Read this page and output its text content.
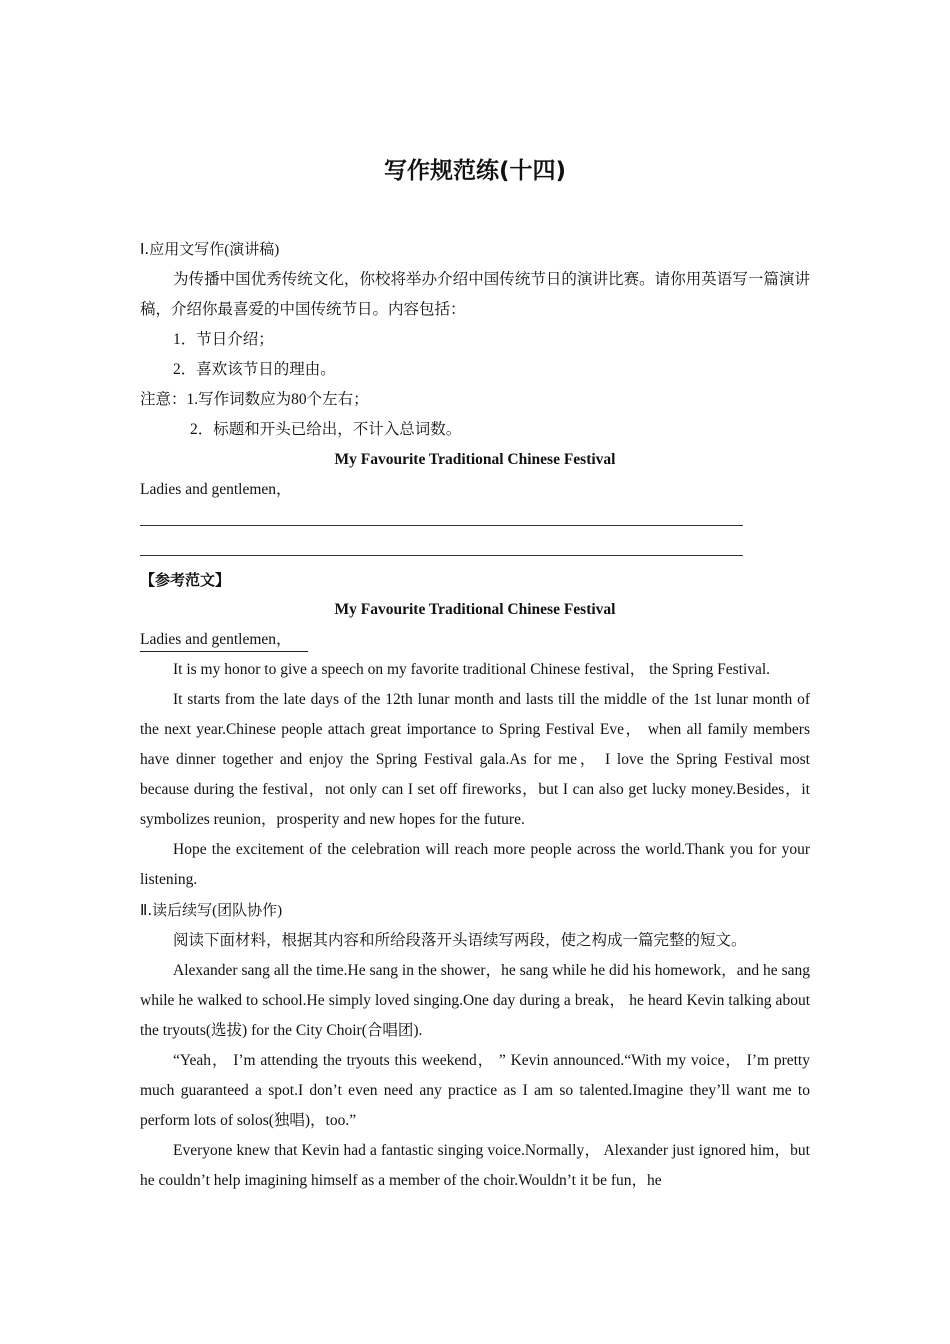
写作规范练(十四)

Ⅰ.应用文写作(演讲稿)

为传播中国优秀传统文化，你校将举办介绍中国传统节日的演讲比赛。请你用英语写一篇演讲稿，介绍你最喜爱的中国传统节日。内容包括：

1．节日介绍；

2．喜欢该节日的理由。

注意：1.写作词数应为80个左右；

2．标题和开头已给出，不计入总词数。

My Favourite Traditional Chinese Festival

Ladies and gentlemen，

【参考范文】

My Favourite Traditional Chinese Festival

Ladies and gentlemen，

It is my honor to give a speech on my favorite traditional Chinese festival， the Spring Festival.

It starts from the late days of the 12th lunar month and lasts till the middle of the 1st lunar month of the next year.Chinese people attach great importance to Spring Festival Eve， when all family members have dinner together and enjoy the Spring Festival gala.As for me， I love the Spring Festival most because during the festival，not only can I set off fireworks，but I can also get lucky money.Besides，it symbolizes reunion，prosperity and new hopes for the future.

Hope the excitement of the celebration will reach more people across the world.Thank you for your listening.

Ⅱ.读后续写(团队协作)

阅读下面材料，根据其内容和所给段落开头语续写两段，使之构成一篇完整的短文。

Alexander sang all the time.He sang in the shower，he sang while he did his homework，and he sang while he walked to school.He simply loved singing.One day during a break， he heard Kevin talking about the tryouts(选拔) for the City Choir(合唱团).

“Yeah， I’m attending the tryouts this weekend， ” Kevin announced.“With my voice， I’m pretty much guaranteed a spot.I don’t even need any practice as I am so talented.Imagine they’ll want me to perform lots of solos(独唱)，too.”

Everyone knew that Kevin had a fantastic singing voice.Normally， Alexander just ignored him，but he couldn’t help imagining himself as a member of the choir.Wouldn’t it be fun，he
